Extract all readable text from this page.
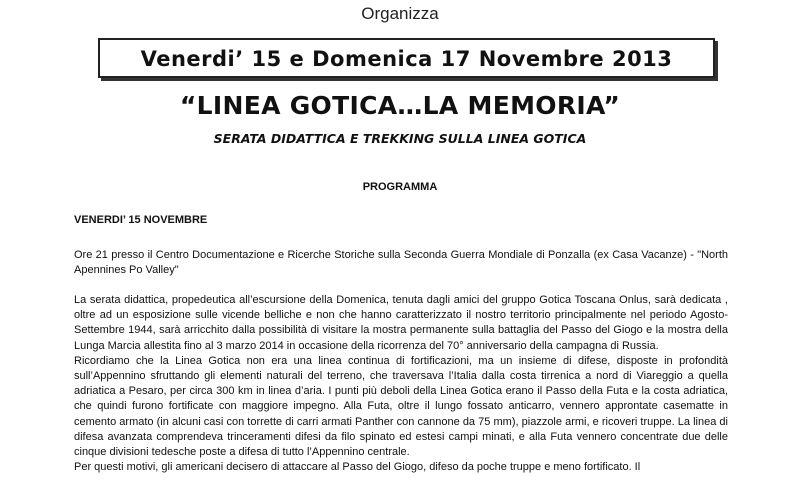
Organizza
Venerdi’ 15 e Domenica 17 Novembre 2013
“LINEA GOTICA…LA MEMORIA”
SERATA DIDATTICA E TREKKING SULLA LINEA GOTICA
PROGRAMMA
VENERDI’ 15 NOVEMBRE

Ore 21 presso il Centro Documentazione e Ricerche Storiche sulla Seconda Guerra Mondiale di Ponzalla (ex Casa Vacanze) - "North Apennines Po Valley"

La serata didattica, propedeutica all’escursione della Domenica, tenuta dagli amici del gruppo Gotica Toscana Onlus, sarà dedicata , oltre ad un esposizione sulle vicende belliche e non che hanno caratterizzato il nostro territorio principalmente nel periodo Agosto-Settembre 1944, sarà arricchito dalla possibilità di visitare la mostra permanente sulla battaglia del Passo del Giogo e la mostra della Lunga Marcia allestita fino al 3 marzo 2014 in occasione della ricorrenza del 70° anniversario della campagna di Russia.

Ricordiamo che la Linea Gotica non era una linea continua di fortificazioni, ma un insieme di difese, disposte in profondità sull’Appennino sfruttando gli elementi naturali del terreno, che traversava l’Italia dalla costa tirrenica a nord di Viareggio a quella adriatica a Pesaro, per circa 300 km in linea d’aria. I punti più deboli della Linea Gotica erano il Passo della Futa e la costa adriatica, che quindi furono fortificate con maggiore impegno. Alla Futa, oltre il lungo fossato anticarro, vennero approntate casematte in cemento armato (in alcuni casi con torrette di carri armati Panther con cannone da 75 mm), piazzole armi, e ricoveri truppe. La linea di difesa avanzata comprendeva trinceramenti difesi da filo spinato ed estesi campi minati, e alla Futa vennero concentrate due delle cinque divisioni tedesche poste a difesa di tutto l’Appennino centrale.

Per questi motivi, gli americani decisero di attaccare al Passo del Giogo, difeso da poche truppe e meno fortificato. Il
